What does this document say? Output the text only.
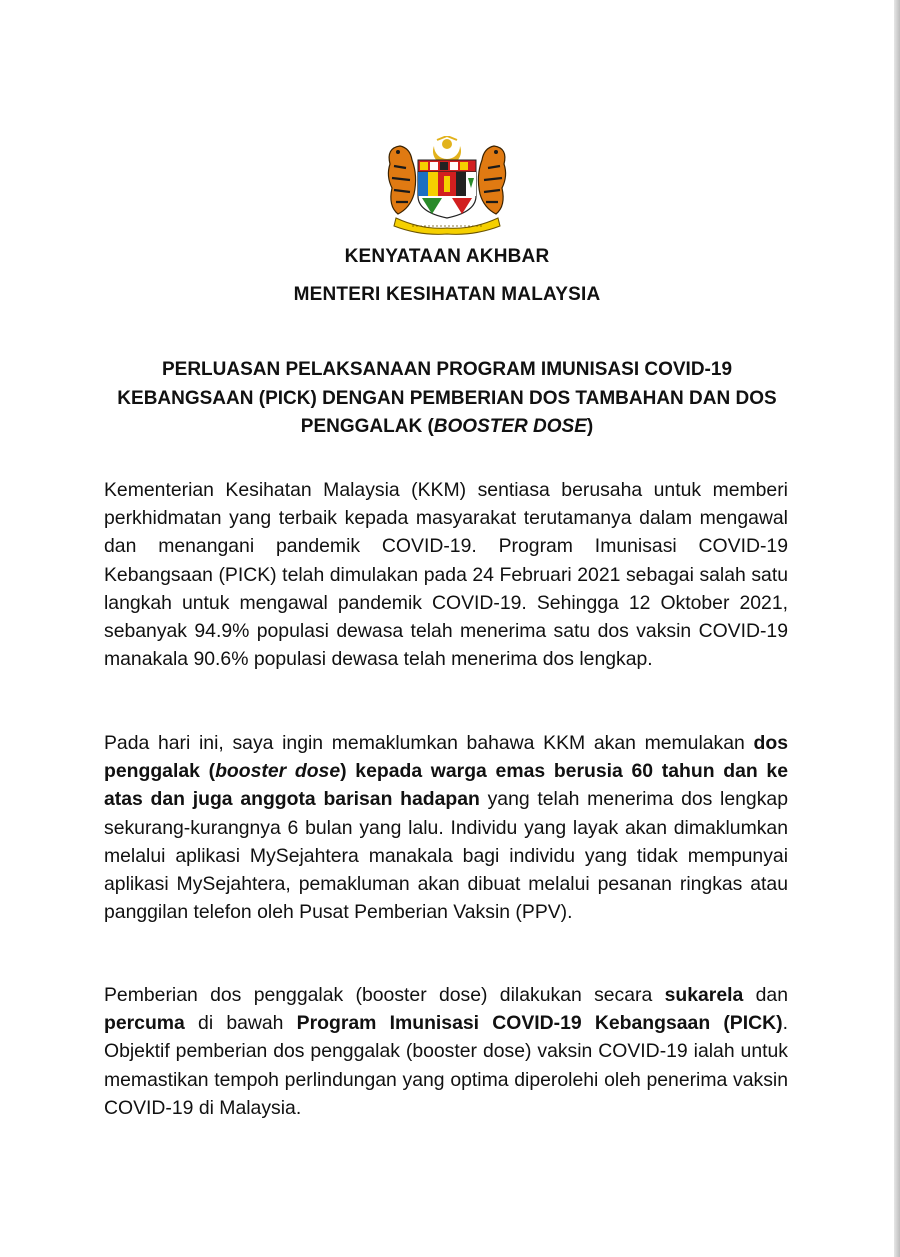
KENYATAAN AKHBAR
MENTERI KESIHATAN MALAYSIA
PERLUASAN PELAKSANAAN PROGRAM IMUNISASI COVID-19 KEBANGSAAN (PICK) DENGAN PEMBERIAN DOS TAMBAHAN DAN DOS PENGGALAK (BOOSTER DOSE)
Kementerian Kesihatan Malaysia (KKM) sentiasa berusaha untuk memberi perkhidmatan yang terbaik kepada masyarakat terutamanya dalam mengawal dan menangani pandemik COVID-19. Program Imunisasi COVID-19 Kebangsaan (PICK) telah dimulakan pada 24 Februari 2021 sebagai salah satu langkah untuk mengawal pandemik COVID-19. Sehingga 12 Oktober 2021, sebanyak 94.9% populasi dewasa telah menerima satu dos vaksin COVID-19 manakala 90.6% populasi dewasa telah menerima dos lengkap.
Pada hari ini, saya ingin memaklumkan bahawa KKM akan memulakan dos penggalak (booster dose) kepada warga emas berusia 60 tahun dan ke atas dan juga anggota barisan hadapan yang telah menerima dos lengkap sekurang-kurangnya 6 bulan yang lalu. Individu yang layak akan dimaklumkan melalui aplikasi MySejahtera manakala bagi individu yang tidak mempunyai aplikasi MySejahtera, pemakluman akan dibuat melalui pesanan ringkas atau panggilan telefon oleh Pusat Pemberian Vaksin (PPV).
Pemberian dos penggalak (booster dose) dilakukan secara sukarela dan percuma di bawah Program Imunisasi COVID-19 Kebangsaan (PICK). Objektif pemberian dos penggalak (booster dose) vaksin COVID-19 ialah untuk memastikan tempoh perlindungan yang optima diperolehi oleh penerima vaksin COVID-19 di Malaysia.
